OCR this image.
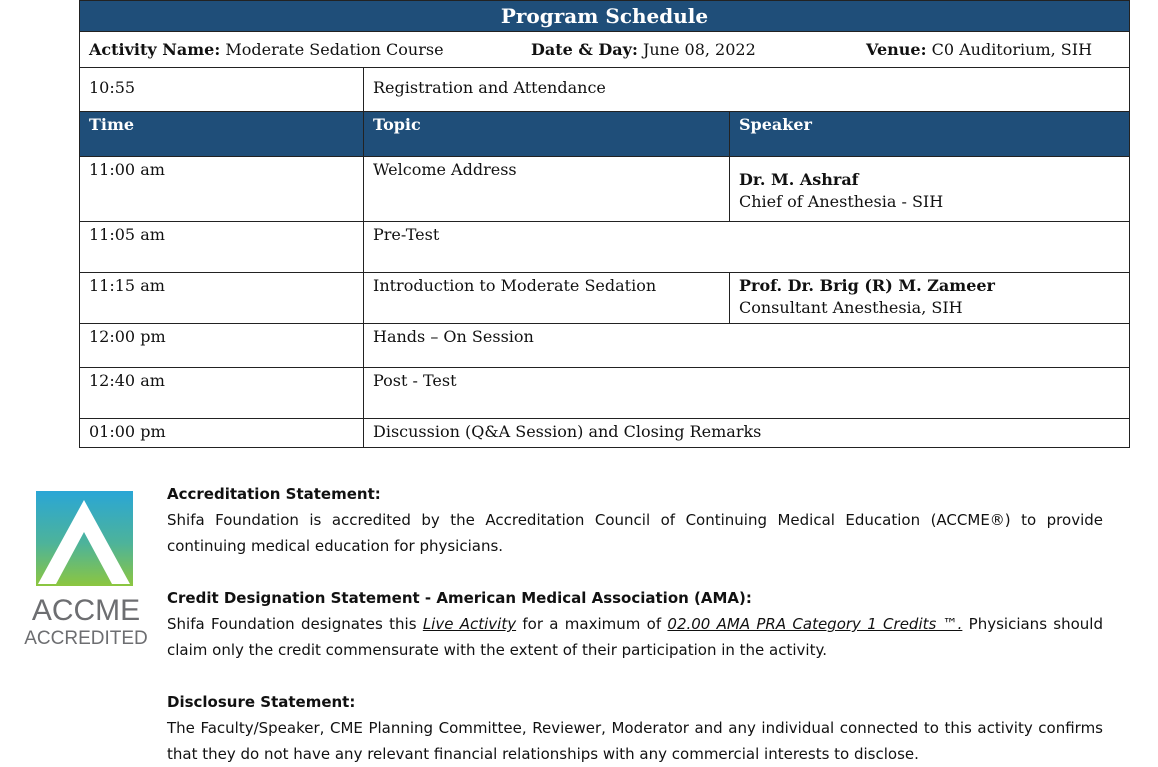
Program Schedule		

Activity Name: Moderate Sedation Course Date & Day: June 08, 2022 Venue: C0 Auditorium, SIH		

10:55	Registration and Attendance	
Time	Topic	Speaker
11:00 am	Welcome Address	Dr. M. Ashraf
Chief of Anesthesia - SIH

11:05 am	Pre-Test	
11:15 am	Introduction to Moderate Sedation	Prof. Dr. Brig (R) M. Zameer
Consultant Anesthesia, SIH

12:00 pm	Hands – On Session	
12:40 am	Post - Test	
01:00 pm	Discussion (Q&A Session) and Closing Remarks	
ACCME
ACCREDITED

Accreditation Statement:

Shifa Foundation is accredited by the Accreditation Council of Continuing Medical Education (ACCME®) to provide continuing medical education for physicians.

Credit Designation Statement - American Medical Association (AMA):

Shifa Foundation designates this Live Activity for a maximum of 02.00 AMA PRA Category 1 Credits ™. Physicians should claim only the credit commensurate with the extent of their participation in the activity.

Disclosure Statement:

The Faculty/Speaker, CME Planning Committee, Reviewer, Moderator and any individual connected to this activity confirms that they do not have any relevant financial relationships with any commercial interests to disclose.
